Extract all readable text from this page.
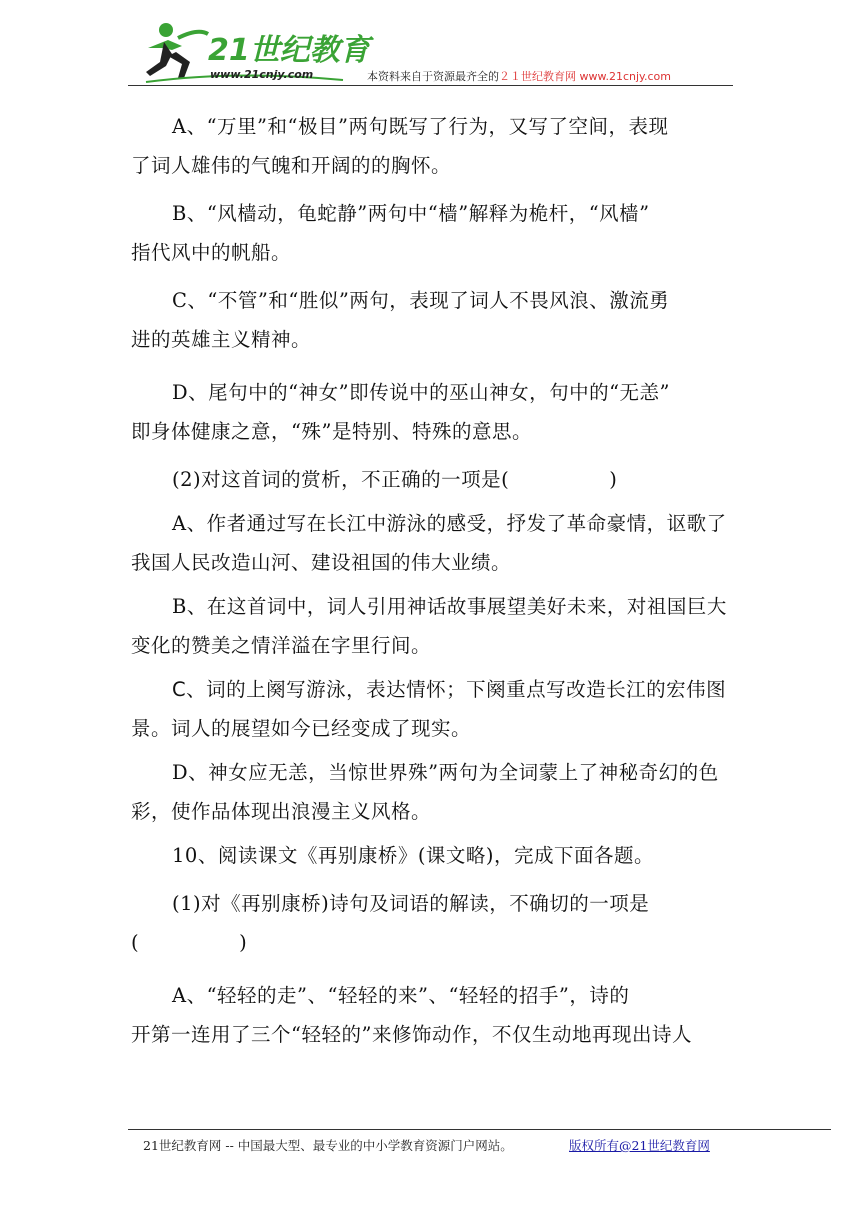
21世纪教育
www.21cnjy.com	本资料来自于资源最齐全的２１世纪教育网 www.21cnjy.com

A、“万里”和“极目”两句既写了行为，又写了空间，表现
了词人雄伟的气魄和开阔的的胸怀。

B、“风樯动，龟蛇静”两句中“樯”解释为桅杆，“风樯”
指代风中的帆船。

C、“不管”和“胜似”两句，表现了词人不畏风浪、激流勇
进的英雄主义精神。

D、尾句中的“神女”即传说中的巫山神女，句中的“无恙”
即身体健康之意，“殊”是特别、特殊的意思。

(2)对这首词的赏析，不正确的一项是(	)

A、作者通过写在长江中游泳的感受，抒发了革命豪情，讴歌了
我国人民改造山河、建设祖国的伟大业绩。

B、在这首词中，词人引用神话故事展望美好未来，对祖国巨大
变化的赞美之情洋溢在字里行间。

C、词的上阕写游泳，表达情怀；下阕重点写改造长江的宏伟图
景。词人的展望如今已经变成了现实。

D、神女应无恙，当惊世界殊”两句为全词蒙上了神秘奇幻的色
彩，使作品体现出浪漫主义风格。

10、阅读课文《再别康桥》(课文略)，完成下面各题。

(1)对《再别康桥)诗句及词语的解读，不确切的一项是
(	)

A、“轻轻的走”、“轻轻的来”、“轻轻的招手”，诗的
开第一连用了三个“轻轻的”来修饰动作，不仅生动地再现出诗人

21世纪教育网 -- 中国最大型、最专业的中小学教育资源门户网站。	版权所有@21世纪教育网
